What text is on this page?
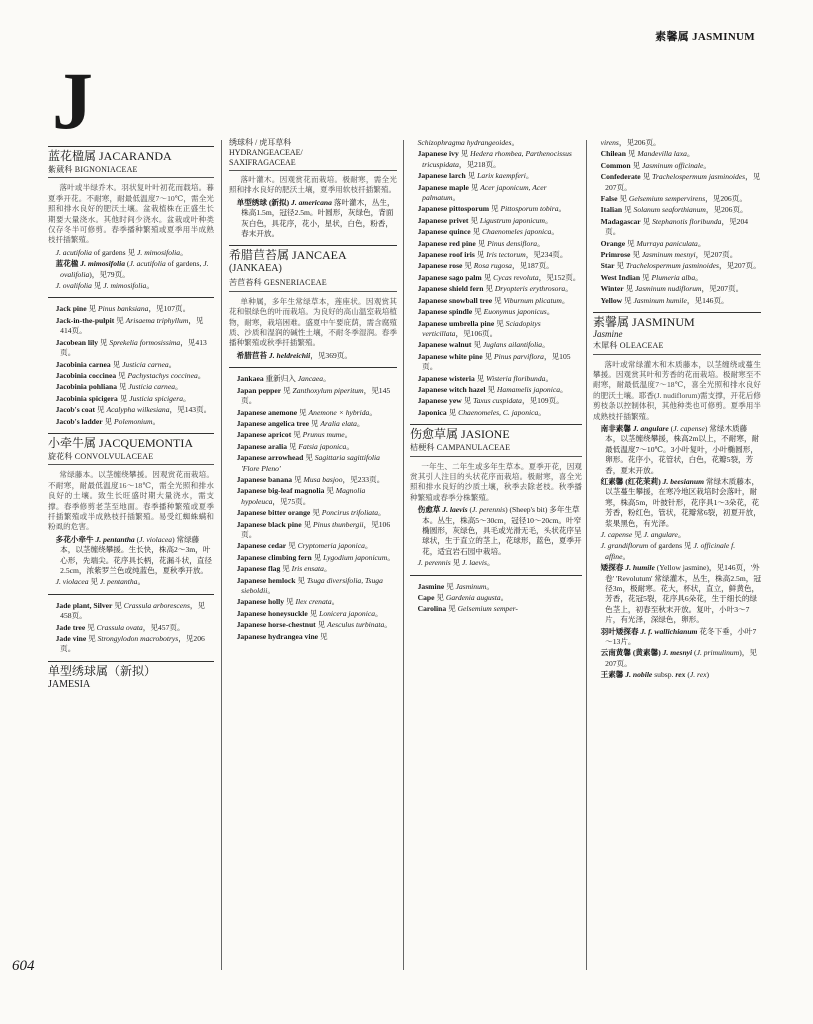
素馨属 JASMINUM
J
604
蓝花楹属 JACARANDA
紫葳科 BIGNONIACEAE

落叶或半绿乔木。羽状复叶叶初花而载培。暮夏季开花。不耐寒，耐最低温度7～10℃，需全光照和排水良好的肥沃土壤。盆栽植株在正盛生长期要大量浇水。其他时间少浇水。盆栽或叶种类仅存冬半可修剪。春季播种繁殖或夏季用半成熟枝扦插繁殖。

J. acutifolia of gardens 见 J. mimosifolia。

蓝花楹 J. mimosifolia (J. acutifolia of gardens, J. ovalifolia)，见79页。

J. ovalifolia 见 J. mimosifolia。

Jack pine 见 Pinus banksiana，见107页。

Jack-in-the-pulpit 见 Arisaema triphyllum，见414页。

Jacobean lily 见 Sprekelia formosissima，见413页。

Jacobinia carnea 见 Justicia carnea。

Jacobinia coccinea 见 Pachystachys coccinea。

Jacobinia pohliana 见 Justicia carnea。

Jacobinia spicigera 见 Justicia spicigera。

Jacob's coat 见 Acalypha wilkesiana，见143页。

Jacob's ladder 见 Polemonium。

小牵牛属 JACQUEMONTIA
旋花科 CONVOLVULACEAE

常绿藤本。以茎缠绕攀援。因观赏花而栽培。不耐寒，耐最低温度16～18℃，需全光照和排水良好的土壤。致生长旺盛时期大量浇水，需支撑。春季修剪老茎至地面。春季播种繁殖或夏季扦插繁殖或半成熟枝扦插繁殖。易受红蜘蛛螨和粉虱的危害。

多花小牵牛 J. pentantha (J. violacea) 常绿藤本，以茎缠绕攀援。生长快，株高2～3m，叶心形，先端尖。花序具长柄，花漏斗状，直径2.5cm，浓紫罗兰色或纯蓝色，夏秋季开放。

J. violacea 见 J. pentantha。

Jade plant, Silver 见 Crassula arborescens，见458页。

Jade tree 见 Crassula ovata，见457页。

Jade vine 见 Strongylodon macrobotrys，见206页。

单型绣球属（新拟）
JAMESIA
绣球科 / 虎耳草科
HYDRANGEACEAE/
SAXIFRAGACEAE

落叶灌木。因观赏花而栽培。极耐寒，需全光照和排水良好的肥沃土壤，夏季用软枝扦插繁殖。

单型绣球 (新拟) J. americana 落叶灌木，丛生，株高1.5m，冠径2.5m。叶圆形，灰绿色，背面灰白色，具花序，花小，星状，白色，粉香，春末开放。

希腊苣苔属 JANCAEA
(JANKAEA)
苦苣苔科 GESNERIACEAE

单种属，多年生常绿草本，莲座状。因观赏其花和银绿色的叶而栽培。为良好的高山温室栽培植物，耐寒，栽培困难。盛夏中午要庇荫，需含腐殖质、沙质和湿润的碱性土壤，不耐冬季湿润。春季播种繁殖或秋季扦插繁殖。

希腊苣苔 J. heldreichii，见369页。

Jankaea 重新归入 Jancaea。

Japan pepper 见 Zanthoxylum piperitum，见145页。

Japanese anemone 见 Anemone × hybrida。

Japanese angelica tree 见 Aralia elata。

Japanese apricot 见 Prunus mume。

Japanese aralia 见 Fatsia japonica。

Japanese arrowhead 见 Sagittaria sagittifolia 'Flore Pleno'

Japanese banana 见 Musa basjoo，见233页。

Japanese big-leaf magnolia 见 Magnolia hypoleuca，见75页。

Japanese bitter orange 见 Poncirus trifoliata。

Japanese black pine 见 Pinus thunbergii，见106页。

Japanese cedar 见 Cryptomeria japonica。

Japanese climbing fern 见 Lygodium japonicum。

Japanese flag 见 Iris ensata。

Japanese hemlock 见 Tsuga diversifolia, Tsuga sieboldii。

Japanese holly 见 Ilex crenata。

Japanese honeysuckle 见 Lonicera japonica。

Japanese horse-chestnut 见 Aesculus turbinata。

Japanese hydrangea vine 见

Schizophragma hydrangeoides。

Japanese ivy 见 Hedera rhombea, Parthenocissus tricuspidata，见218页。

Japanese larch 见 Larix kaempferi。

Japanese maple 见 Acer japonicum, Acer palmatum。

Japanese pittosporum 见 Pittosporum tobira。

Japanese privet 见 Ligustrum japonicum。

Japanese quince 见 Chaenomeles japonica。

Japanese red pine 见 Pinus densiflora。

Japanese roof iris 见 Iris tectorum，见234页。

Japanese rose 见 Rosa rugosa，见187页。

Japanese sago palm 见 Cycas revoluta，见152页。

Japanese shield fern 见 Dryopteris erythrosora。

Japanese snowball tree 见 Viburnum plicatum。

Japanese spindle 见 Euonymus japonicus。

Japanese umbrella pine 见 Sciadopitys verticillata，见106页。

Japanese walnut 见 Juglans ailantifolia。

Japanese white pine 见 Pinus parviflora，见105页。

Japanese wisteria 见 Wisteria floribunda。

Japanese witch hazel 见 Hamamelis japonica。

Japanese yew 见 Taxus cuspidata，见109页。

Japonica 见 Chaenomeles, C. japonica。

伤愈草属 JASIONE
桔梗科 CAMPANULACEAE

一年生、二年生或多年生草本。夏季开花，因观赏其引人注目的头状花序而栽培。极耐寒，喜全光照和排水良好的沙质土壤，秋季去除老枝。秋季播种繁殖或春季分株繁殖。

伤愈草 J. laevis (J. perennis) (Sheep's bit) 多年生草本。丛生，株高5～30cm，冠径10～20cm。叶窄椭圆形，灰绿色，具毛或光滑无毛，头状花序呈球状，生于直立的茎上，花球形，蓝色，夏季开花，适宜岩石园中栽培。

J. perennis 见 J. laevis。

Jasmine 见 Jasminum。

Cape 见 Gardenia augusta。

Carolina 见 Gelsemium semper-

virens，见206页。

Chilean 见 Mandevilla laxa。

Common 见 Jasminum officinale。

Confederate 见 Trachelospermum jasminoides，见207页。

False 见 Gelsemium sempervirens，见206页。

Italian 见 Solanum seaforthianum，见206页。

Madagascar 见 Stephanotis floribunda，见204页。

Orange 见 Murraya paniculata。

Primrose 见 Jasminum mesnyi，见207页。

Star 见 Trachelospermum jasminoides，见207页。

West Indian 见 Plumeria alba。

Winter 见 Jasminum nudiflorum，见207页。

Yellow 见 Jasminum humile，见146页。

素馨属 JASMINUM
Jasmine
木犀科 OLEACEAE

落叶或常绿灌木和木质藤本，以茎缠绕或蔓生攀援。因观赏其叶和芳香的花而栽培。极耐寒至不耐寒，耐最低温度7～18℃，喜全光照和排水良好的肥沃土壤。耶香(J. nudiflorum)需支撑，开花后修剪枝条以控制体积，其他种类也可修剪。夏季用半成熟枝扦插繁殖。

南非素馨 J. angulare (J. capense) 常绿木质藤本，以茎缠绕攀援，株高2m以上，不耐寒，耐最低温度7～10℃。3小叶复叶，小叶椭圆形，卵形。花序小，花管状，白色，花瓣5裂，芳香，夏末开放。

红素馨 (红花茉莉) J. beesianum 常绿木质藤本，以茎蔓生攀援，在寒冷地区栽培时会落叶，耐寒，株高5m，叶披针形，花序具1～3朵花，花芳香，粉红色，管状，花瓣常6裂，初夏开放，浆果黑色，有光泽。

J. capense 见 J. angulare。

J. grandiflorum of gardens 见 J. officinale f. affine。

矮探春 J. humile (Yellow jasmine)，见146页，'外卷' 'Revolutum' 常绿灌木，丛生，株高2.5m，冠径3m，极耐寒。花大，杯状，直立，鲜黄色，芳香，花冠5裂，花序具6朵花，生于细长的绿色茎上，初春至秋末开放。复叶，小叶3～7片，有光泽，深绿色，卵形。

羽叶矮探春 J. f. wallichianum 花冬下垂，小叶7～13片。

云南黄馨 (黄素馨) J. mesnyi (J. primulinum)，见207页。

王素馨 J. nobile subsp. rex (J. rex)
